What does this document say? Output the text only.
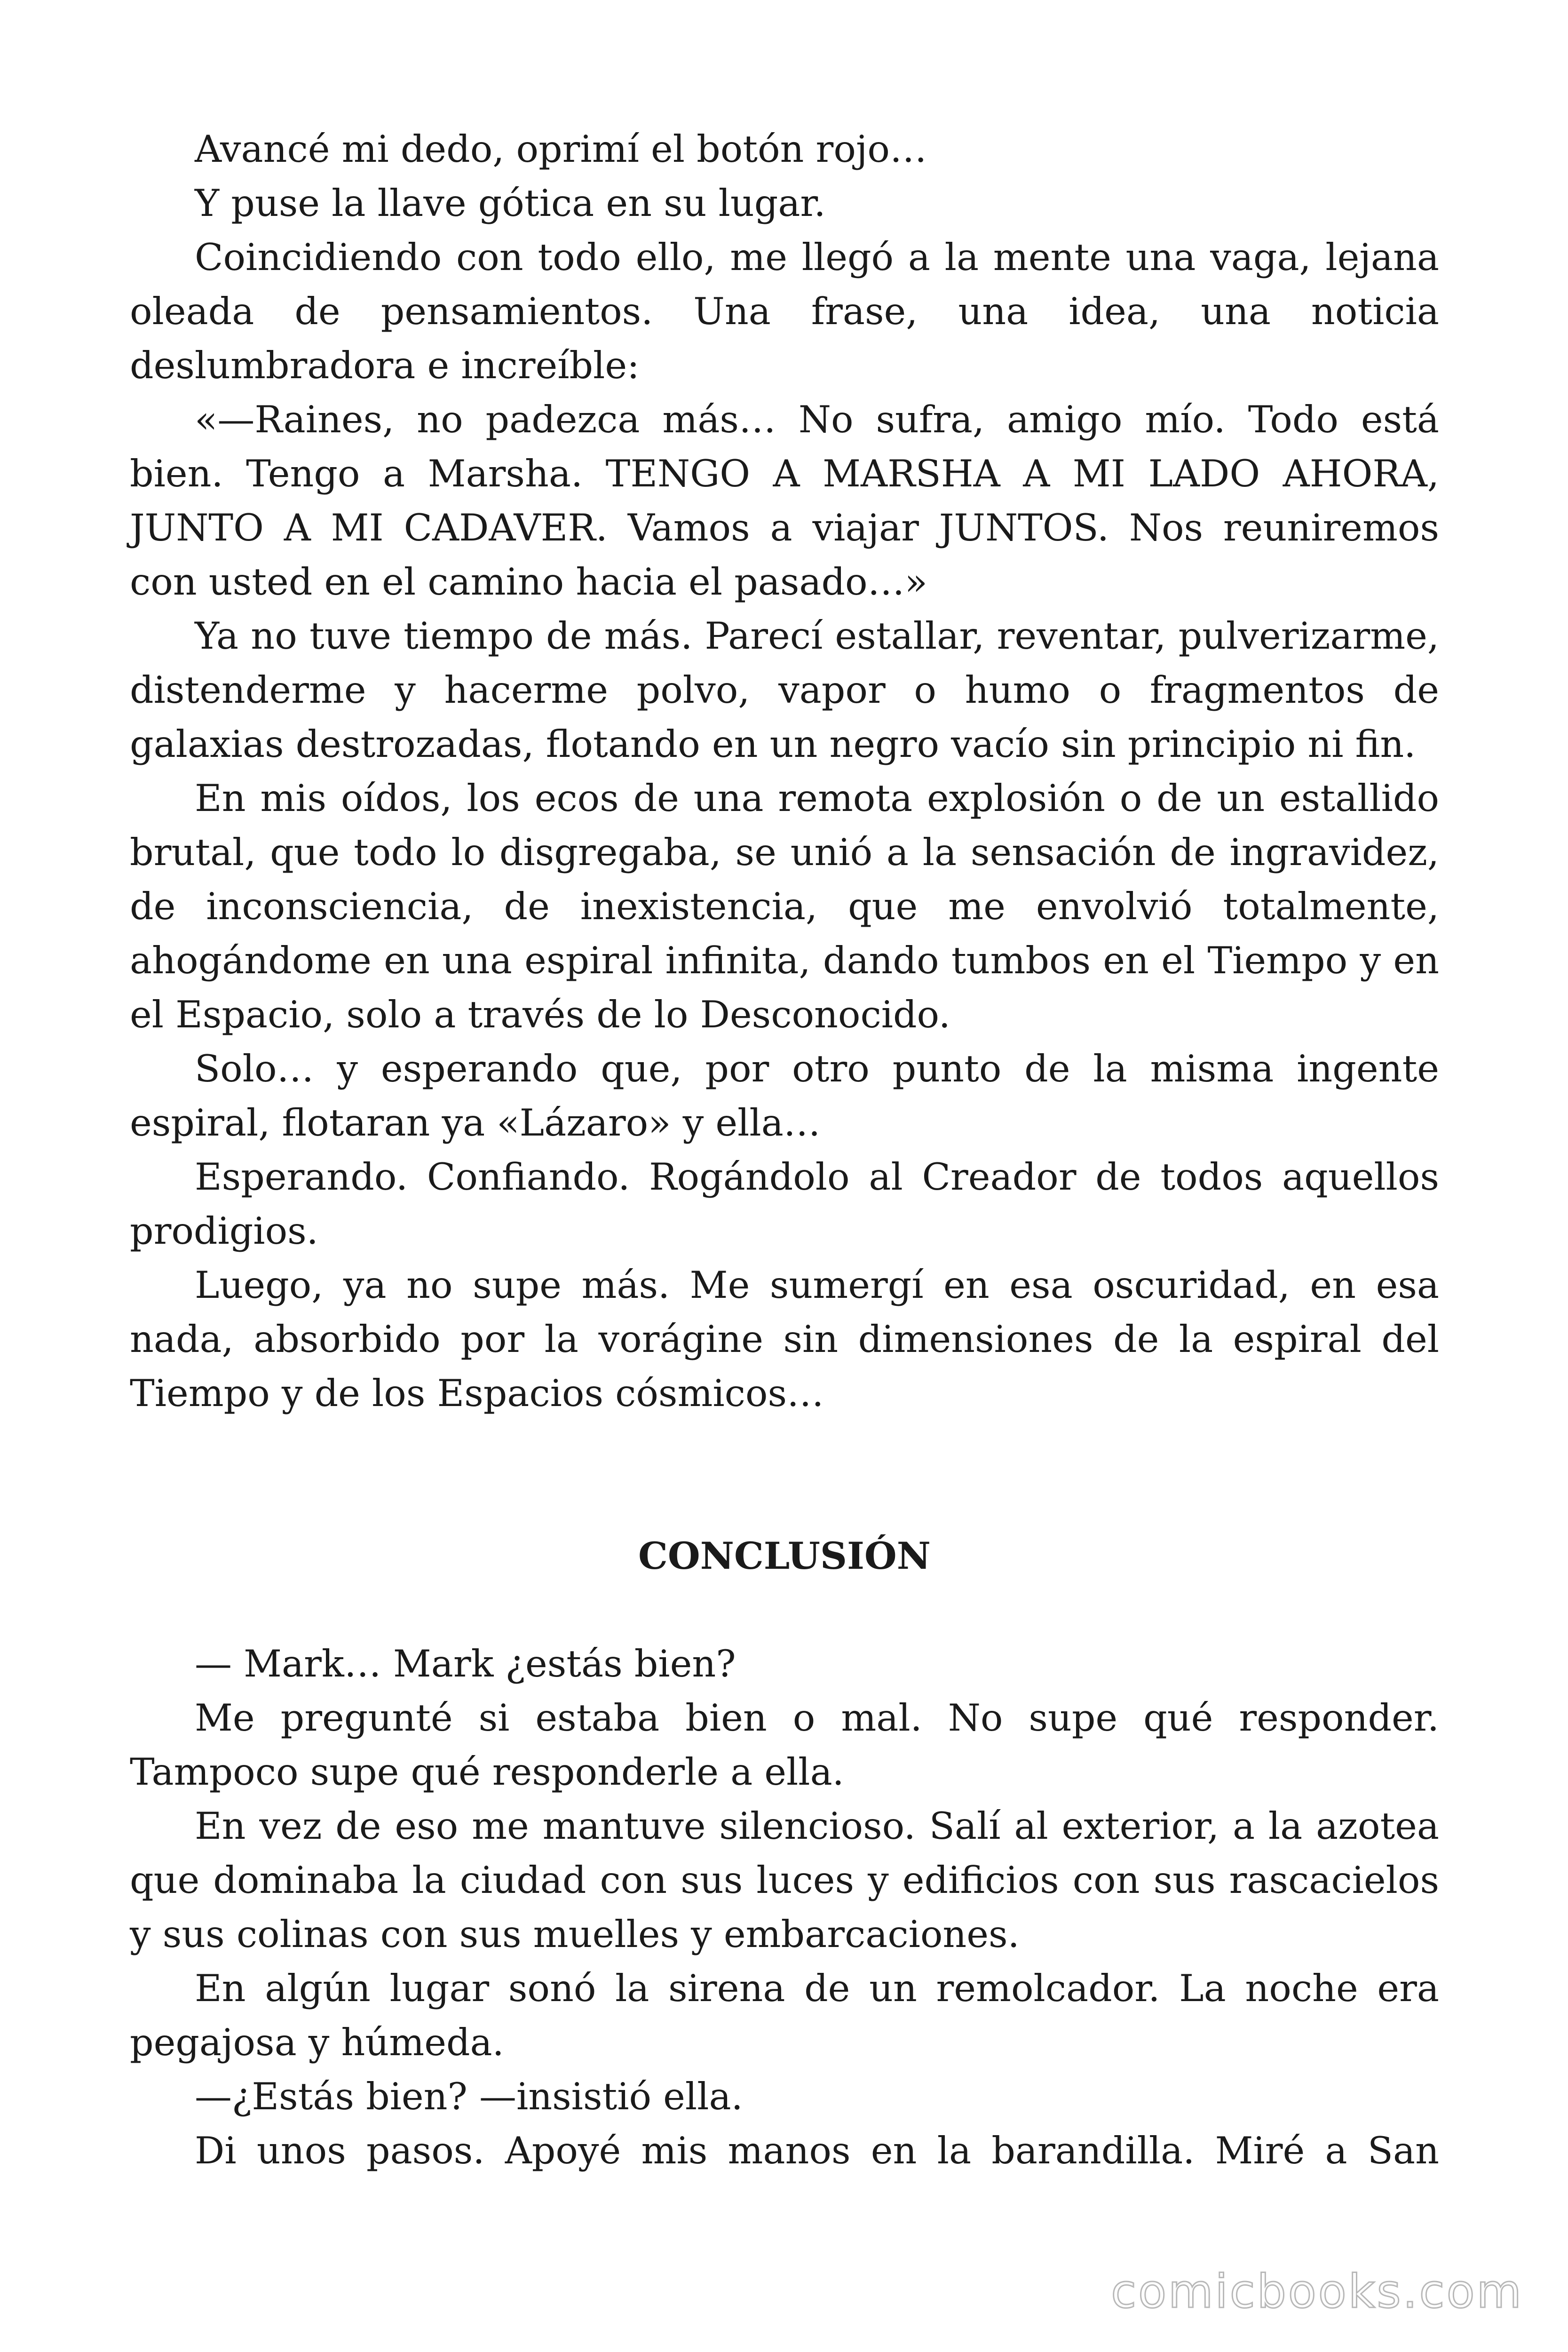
Avancé mi dedo, oprimí el botón rojo…

Y puse la llave gótica en su lugar.

Coincidiendo con todo ello, me llegó a la mente una vaga, lejana oleada de pensamientos. Una frase, una idea, una noticia deslumbradora e increíble:

«—Raines, no padezca más… No sufra, amigo mío. Todo está bien. Tengo a Marsha. TENGO A MARSHA A MI LADO AHORA, JUNTO A MI CADAVER. Vamos a viajar JUNTOS. Nos reuniremos con usted en el camino hacia el pasado…»

Ya no tuve tiempo de más. Parecí estallar, reventar, pulverizarme, distenderme y hacerme polvo, vapor o humo o fragmentos de galaxias destrozadas, flotando en un negro vacío sin principio ni fin.

En mis oídos, los ecos de una remota explosión o de un estallido brutal, que todo lo disgregaba, se unió a la sensación de ingravidez, de inconsciencia, de inexistencia, que me envolvió totalmente, ahogándome en una espiral infinita, dando tumbos en el Tiempo y en el Espacio, solo a través de lo Desconocido.

Solo… y esperando que, por otro punto de la misma ingente espiral, flotaran ya «Lázaro» y ella…

Esperando. Confiando. Rogándolo al Creador de todos aquellos prodigios.

Luego, ya no supe más. Me sumergí en esa oscuridad, en esa nada, absorbido por la vorágine sin dimensiones de la espiral del Tiempo y de los Espacios cósmicos…

CONCLUSIÓN

— Mark… Mark ¿estás bien?

Me pregunté si estaba bien o mal. No supe qué responder. Tampoco supe qué responderle a ella.

En vez de eso me mantuve silencioso. Salí al exterior, a la azotea que dominaba la ciudad con sus luces y edificios con sus rascacielos y sus colinas con sus muelles y embarcaciones.

En algún lugar sonó la sirena de un remolcador. La noche era pegajosa y húmeda.

—¿Estás bien? —insistió ella.

Di unos pasos. Apoyé mis manos en la barandilla. Miré a San

comicbooks.com
